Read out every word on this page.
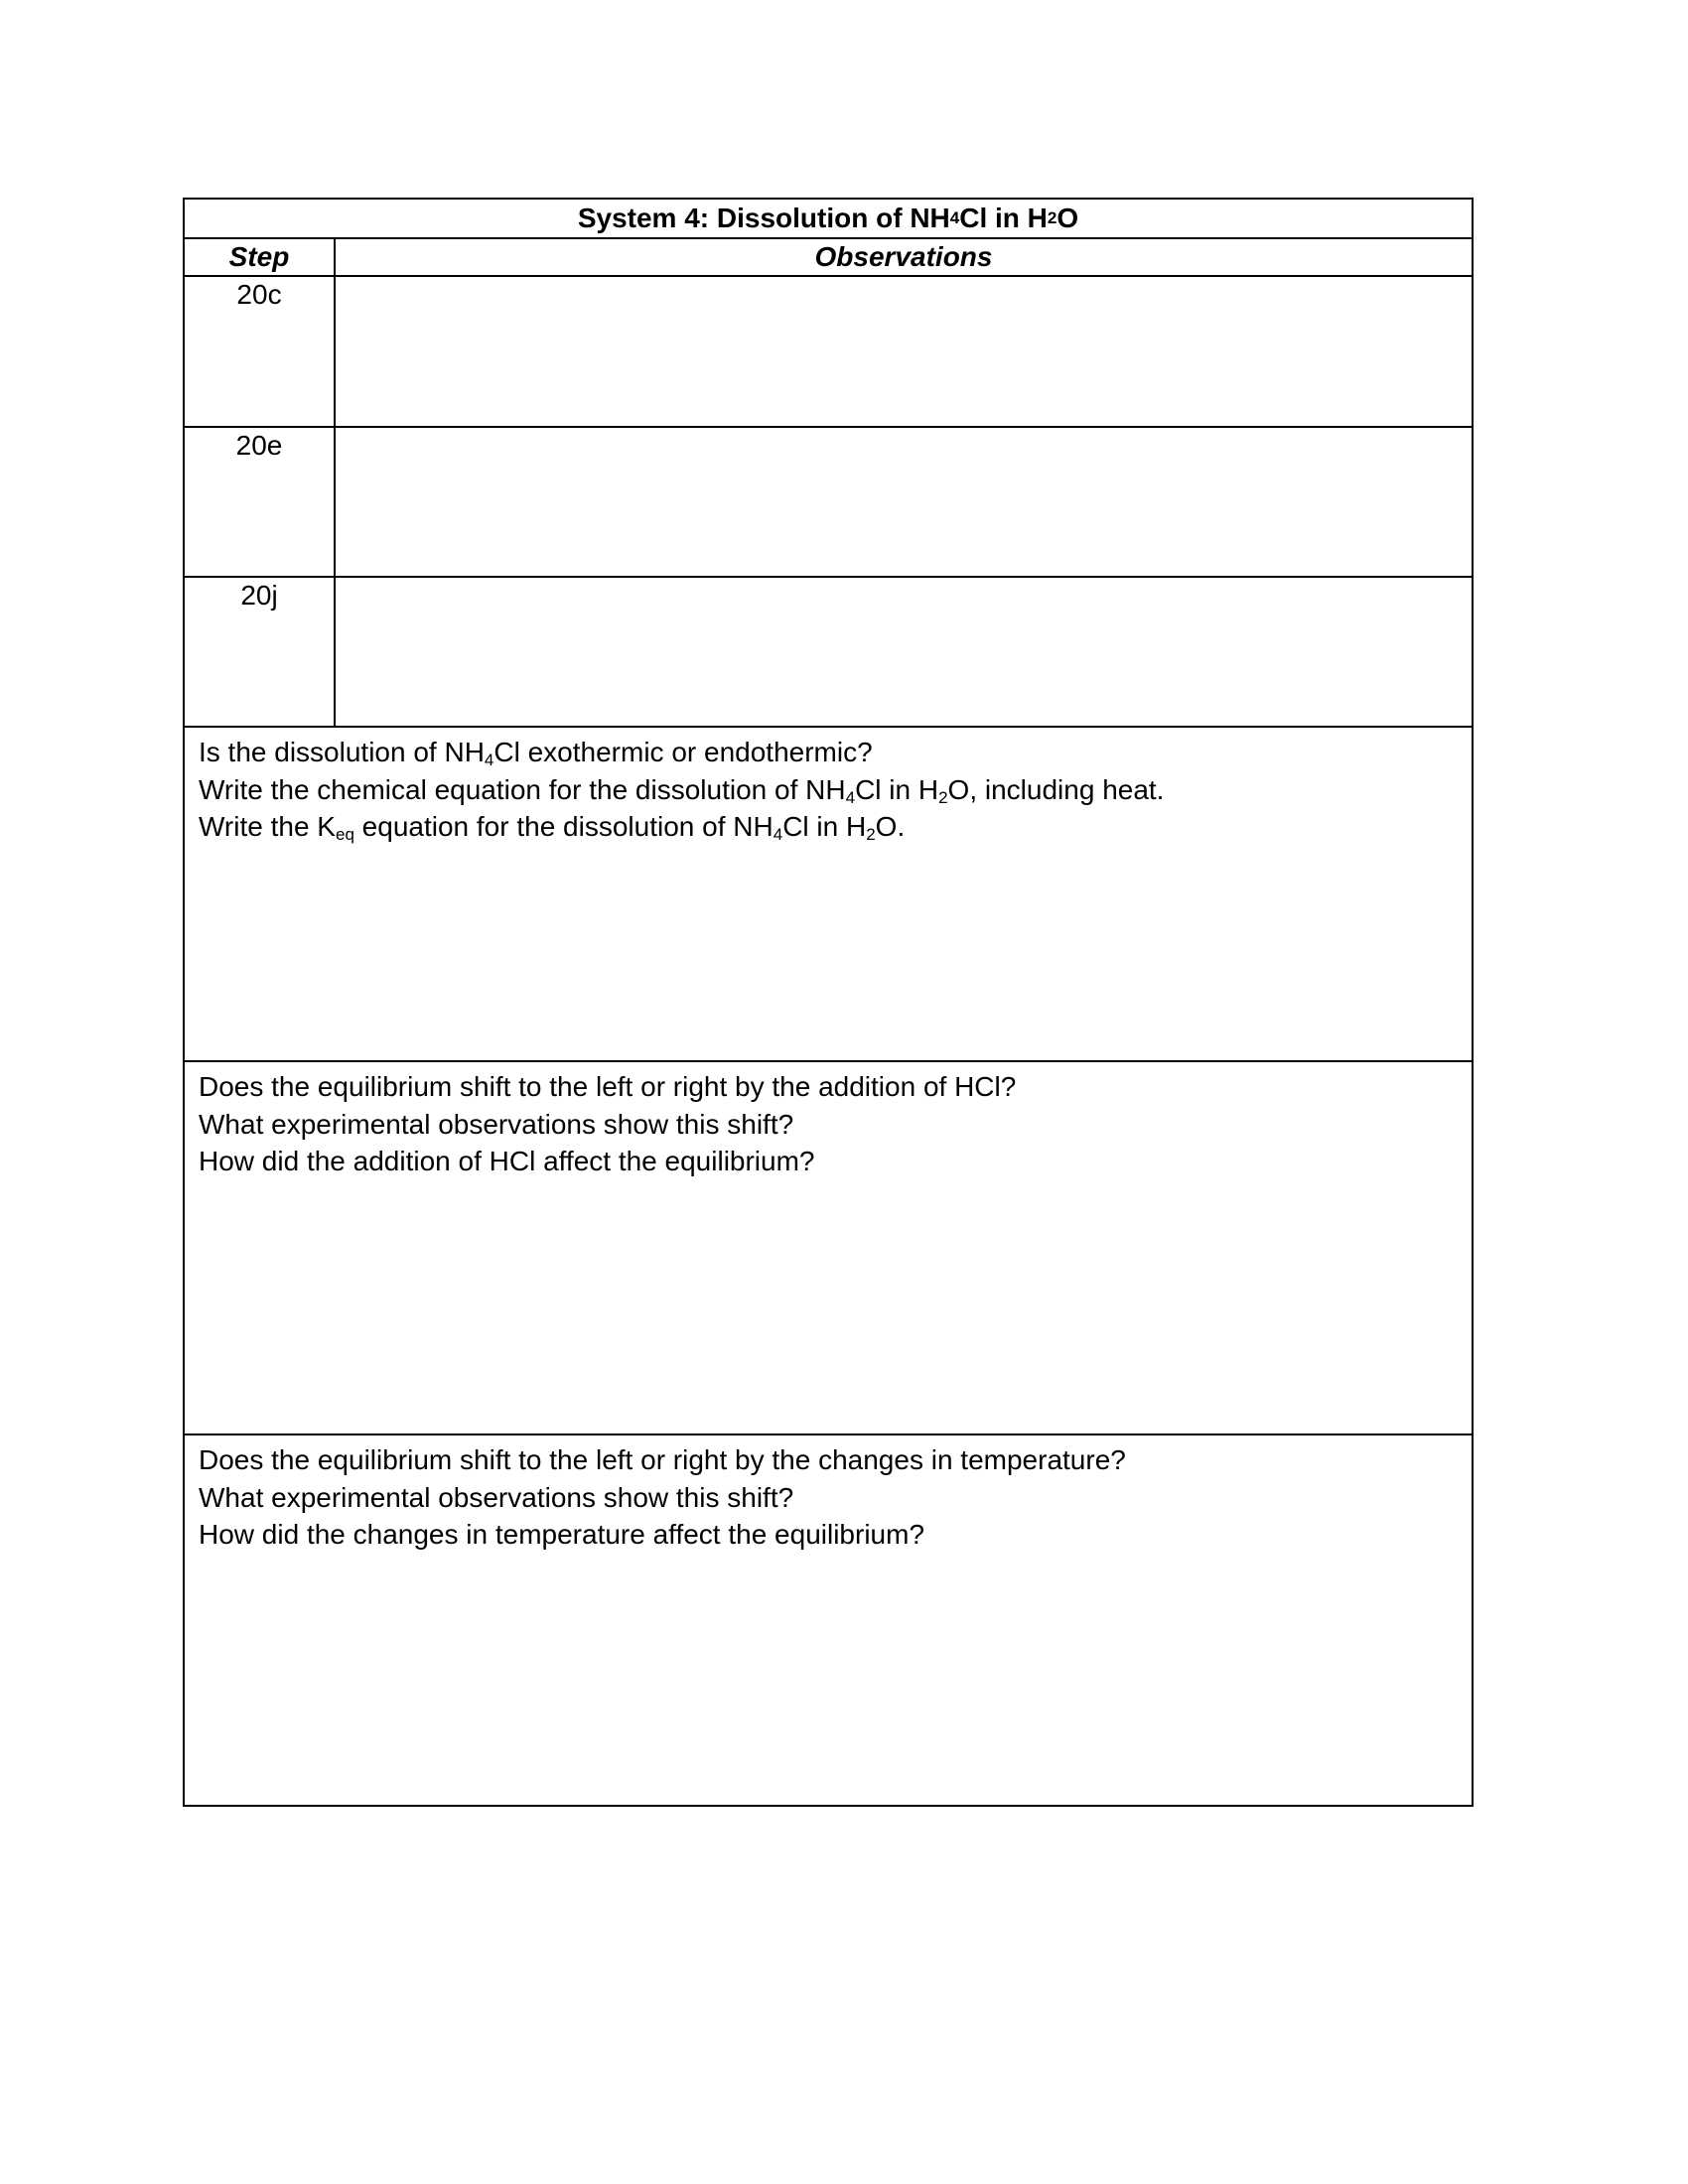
System 4: Dissolution of NH 4 Cl in H 2 O
Step	Observations
20c
20e
20j
Is the dissolution of $NH_4Cl$ exothermic or endothermic?
Write the chemical equation for the dissolution of $NH_4Cl$ in $H_2O$, including heat.
Write the $K_{eq}$ equation for the dissolution of $NH_4Cl$ in $H_2O$.
Does the equilibrium shift to the left or right by the addition of HCl?
What experimental observations show this shift?
How did the addition of HCl affect the equilibrium?
Does the equilibrium shift to the left or right by the changes in temperature?
What experimental observations show this shift?
How did the changes in temperature affect the equilibrium?
